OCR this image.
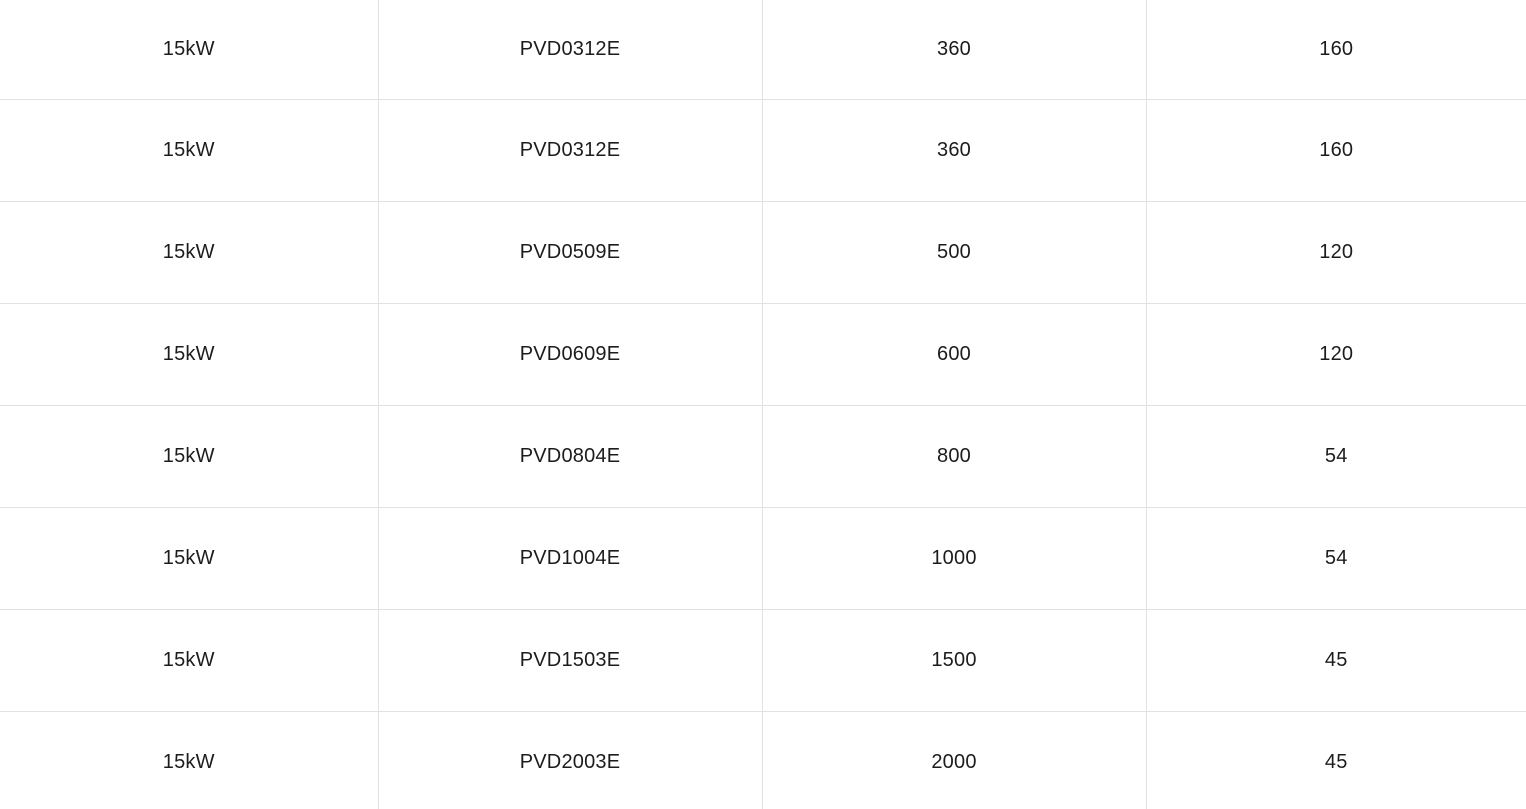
15kW	PVD0312E	360	160
15kW	PVD0312E	360	160
15kW	PVD0509E	500	120
15kW	PVD0609E	600	120
15kW	PVD0804E	800	54
15kW	PVD1004E	1000	54
15kW	PVD1503E	1500	45
15kW	PVD2003E	2000	45
